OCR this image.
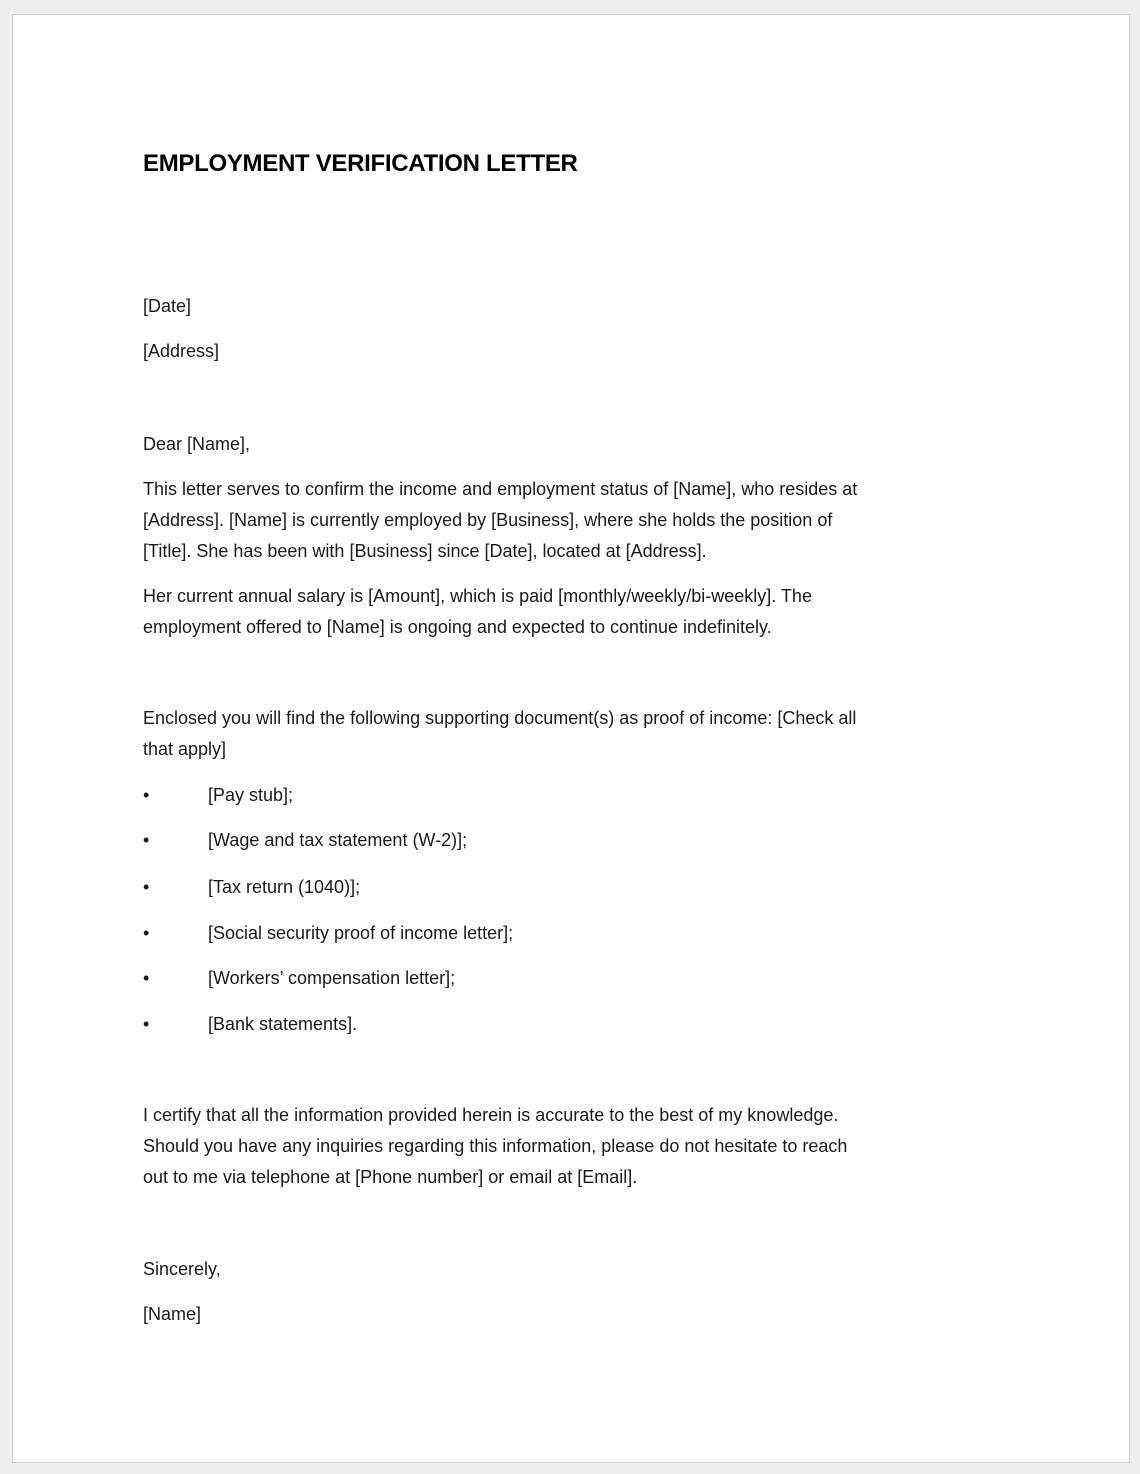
EMPLOYMENT VERIFICATION LETTER
[Date]
[Address]
Dear [Name],
This letter serves to confirm the income and employment status of [Name], who resides at
[Address]. [Name] is currently employed by [Business], where she holds the position of
[Title]. She has been with [Business] since [Date], located at [Address].
Her current annual salary is [Amount], which is paid [monthly/weekly/bi-weekly]. The
employment offered to [Name] is ongoing and expected to continue indefinitely.
Enclosed you will find the following supporting document(s) as proof of income: [Check all
that apply]
•	[Pay stub];
•	[Wage and tax statement (W-2)];
•	[Tax return (1040)];
•	[Social security proof of income letter];
•	[Workers’ compensation letter];
•	[Bank statements].
I certify that all the information provided herein is accurate to the best of my knowledge.
Should you have any inquiries regarding this information, please do not hesitate to reach
out to me via telephone at [Phone number] or email at [Email].
Sincerely,
[Name]
